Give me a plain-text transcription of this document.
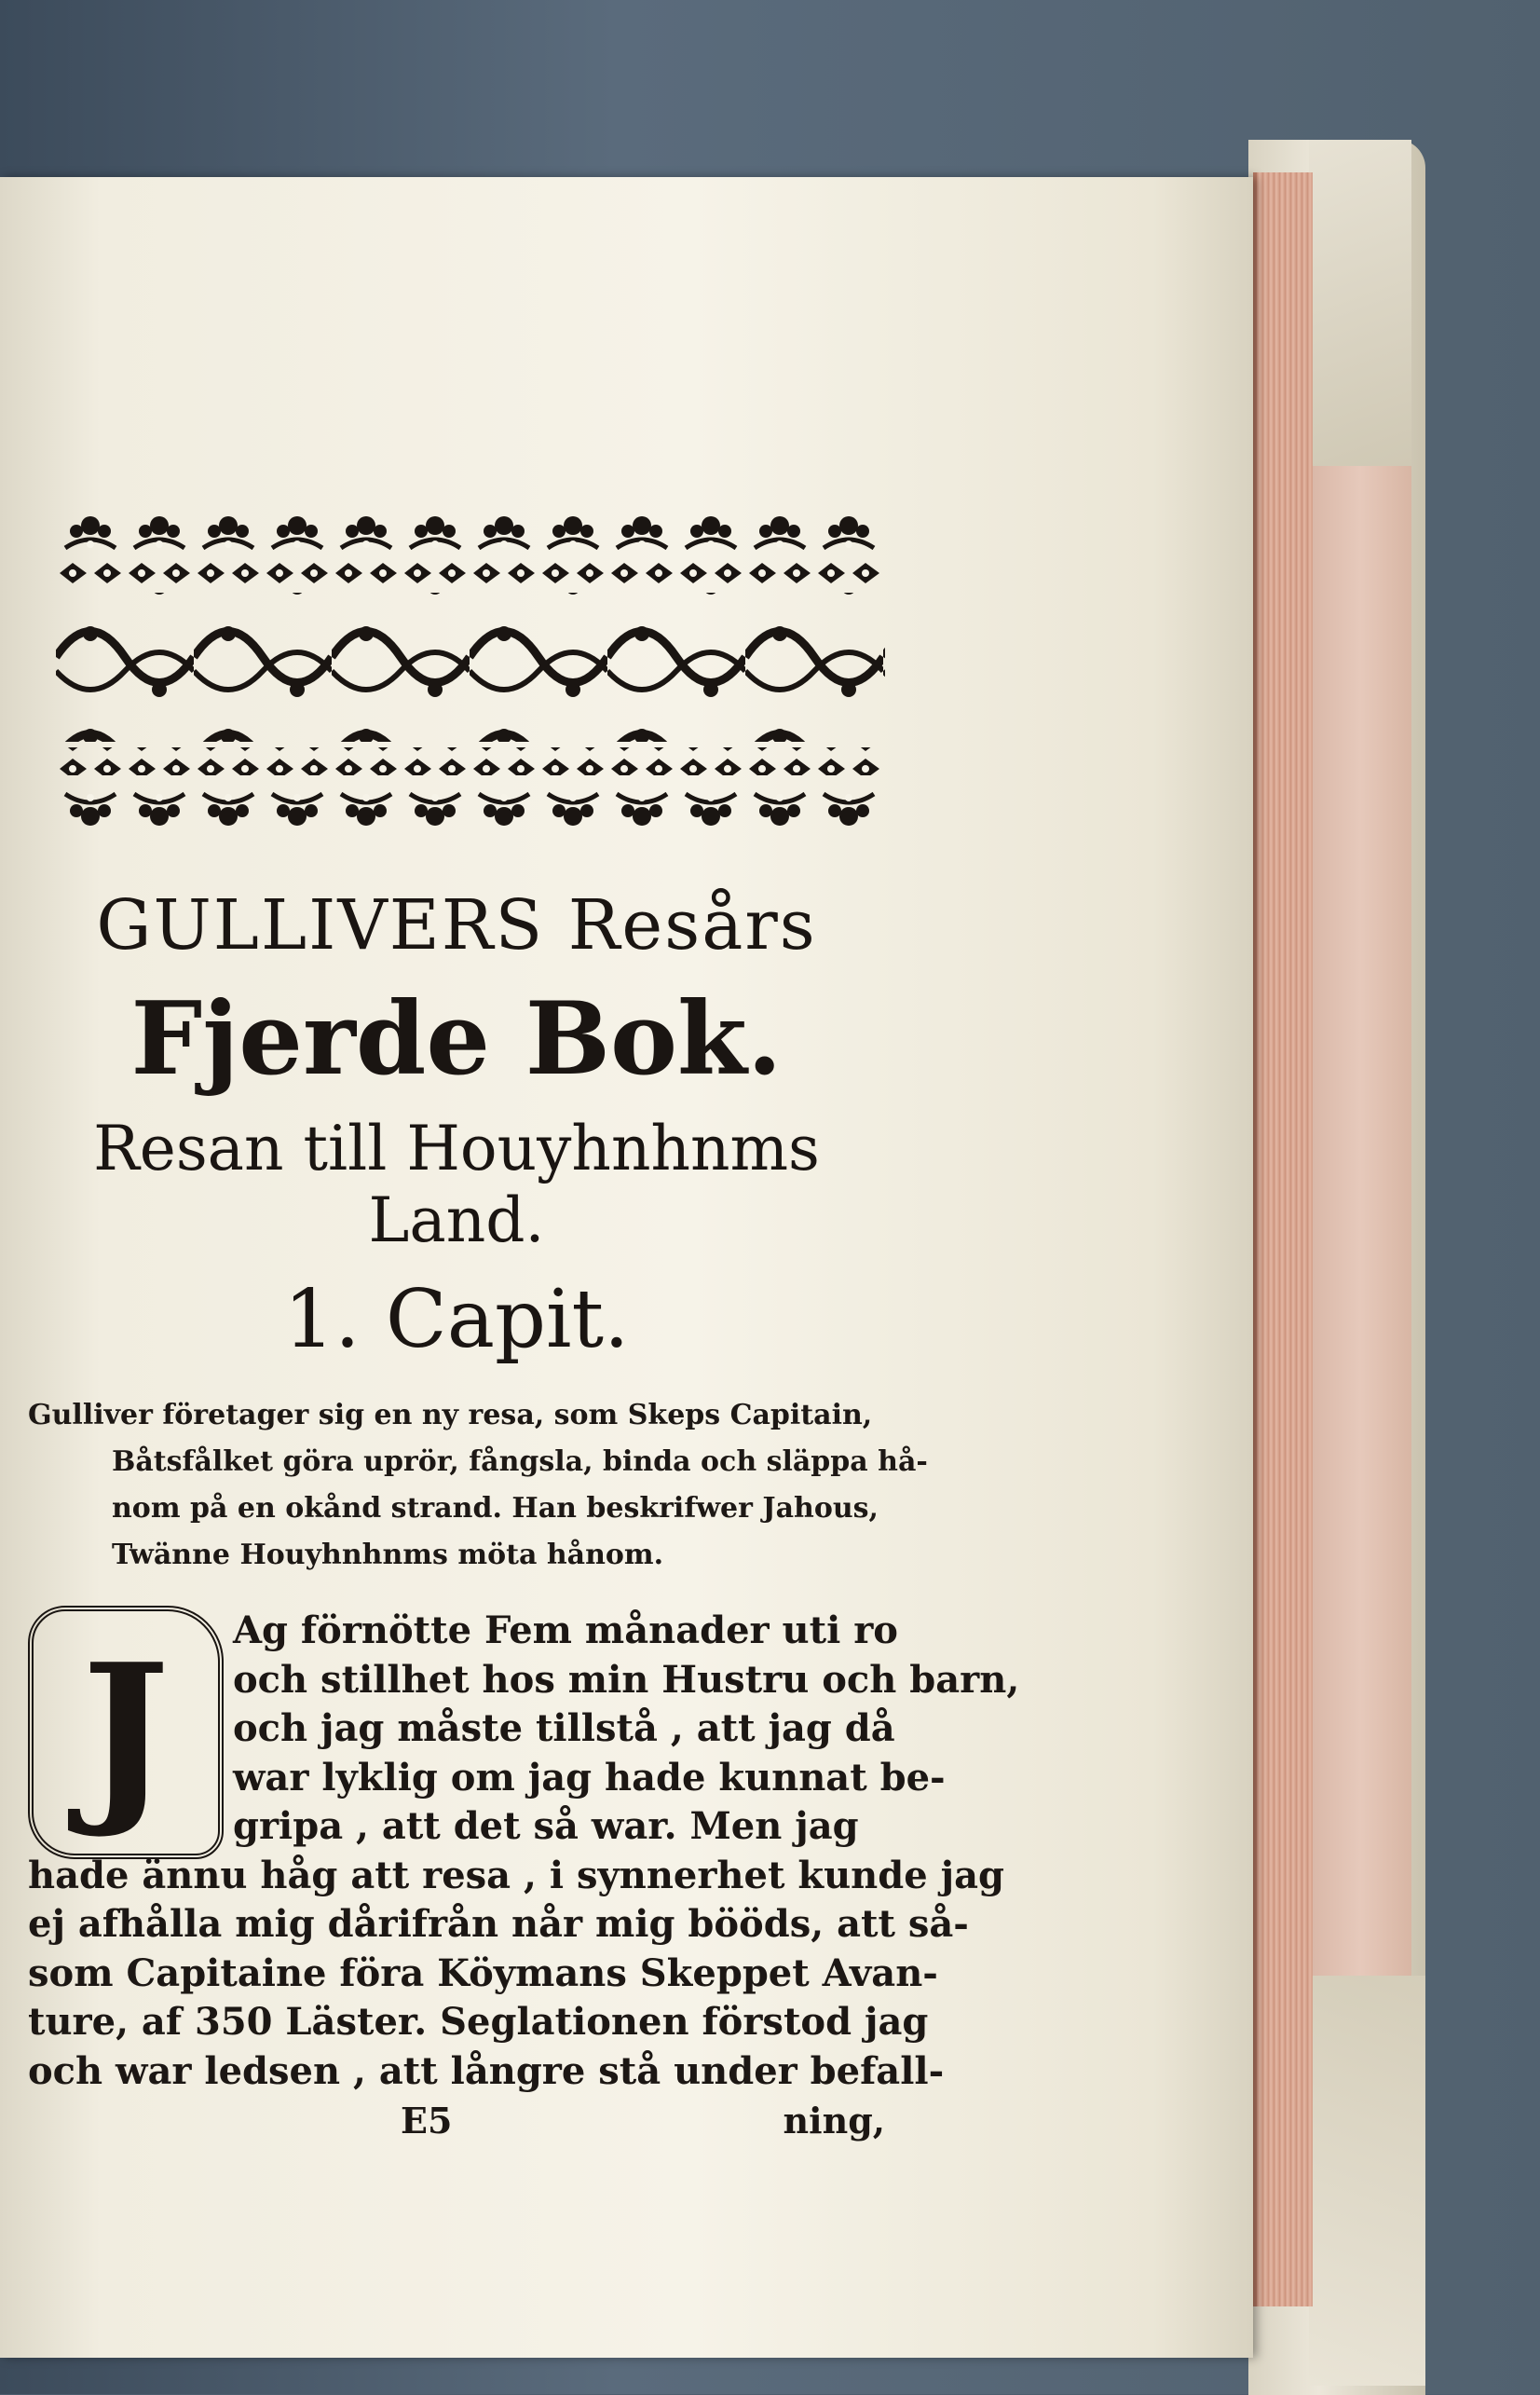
GULLIVERS Resårs

Fjerde Bok.

Resan till Houyhnhnms Land.

1. Capit.

Gulliver företager sig en ny resa, som Skeps Capitain,

Båtsfålket göra uprör, fångsla, binda och släppa hå-

nom på en okånd strand. Han beskrifwer Jahous,

Twänne Houyhnhnms möta hånom.

J	Ag förnötte Fem månader uti ro

och stillhet hos min Hustru och barn,

och jag måste tillstå , att jag då

war lyklig om jag hade kunnat be-

gripa , att det så war. Men jag

hade ännu håg att resa , i synnerhet kunde jag

ej afhålla mig dårifrån når mig bööds, att så-

som Capitaine föra Köymans Skeppet Avan-

ture, af 350 Läster. Seglationen förstod jag

och war ledsen , att långre stå under befall-

E5	ning,
